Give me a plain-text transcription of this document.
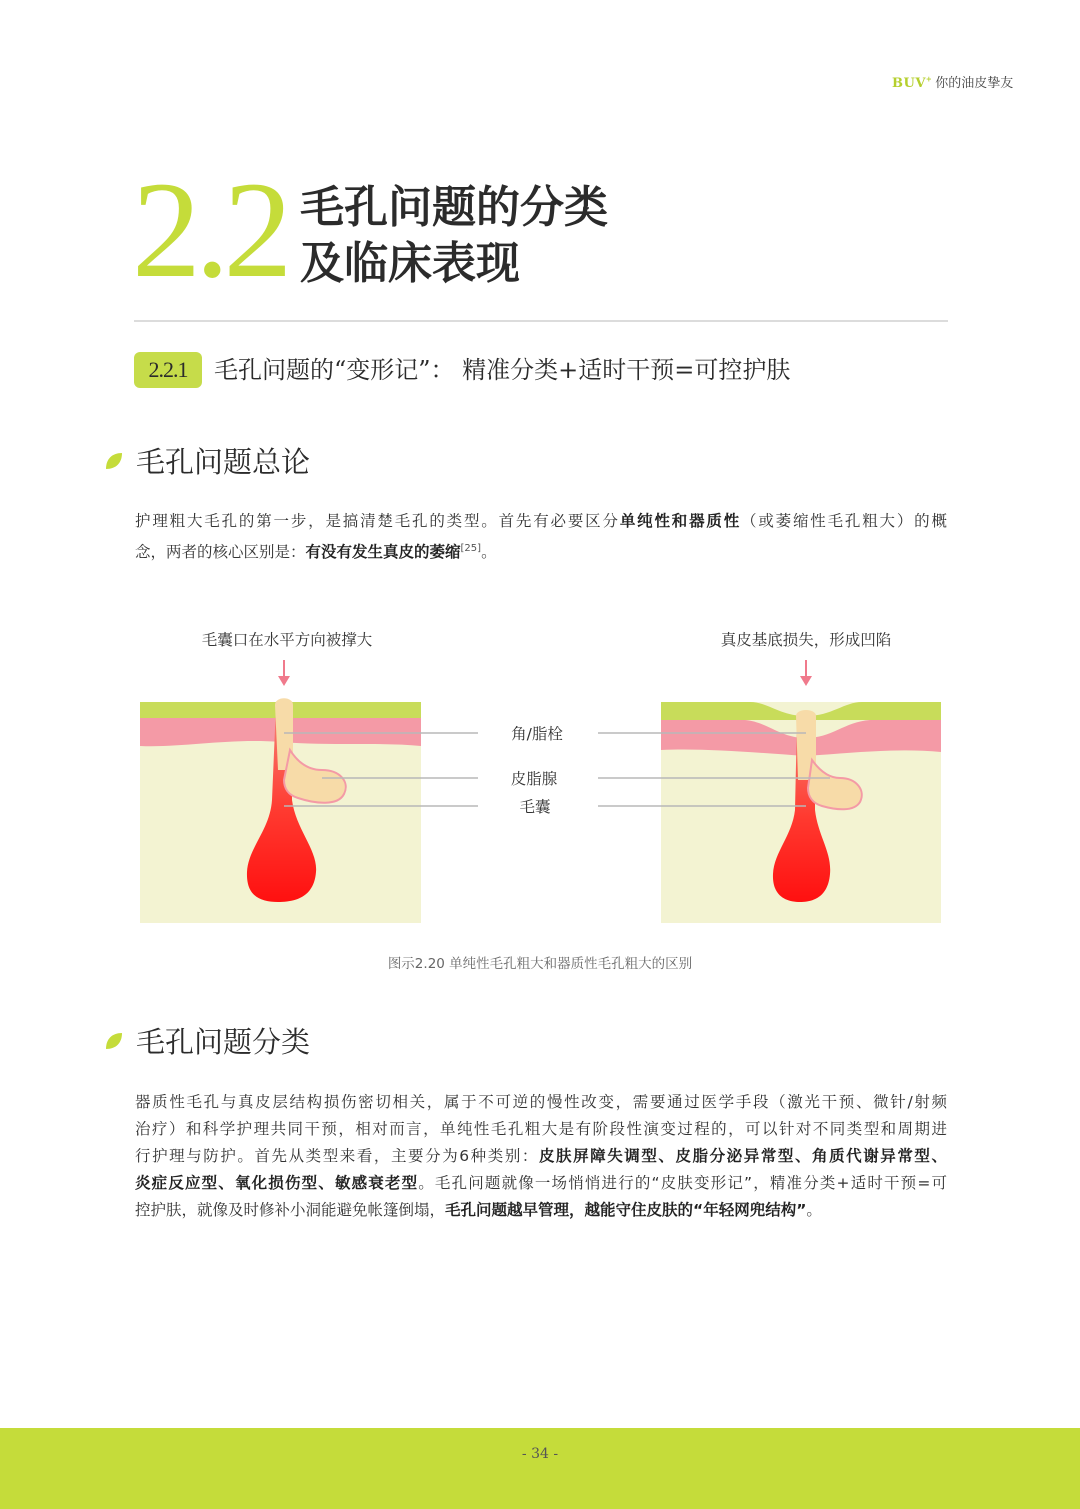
BUV+ 你的油皮挚友
2.2 毛孔问题的分类
及临床表现
2.2.1	毛孔问题的“变形记”： 精准分类+适时干预=可控护肤
毛孔问题总论
护理粗大毛孔的第一步，是搞清楚毛孔的类型。首先有必要区分单纯性和器质性（或萎缩性毛孔粗大）的概
念，两者的核心区别是：有没有发生真皮的萎缩[25]。
毛囊口在水平方向被撑大	真皮基底损失，形成凹陷
角/脂栓
皮脂腺
毛囊
图示2.20 单纯性毛孔粗大和器质性毛孔粗大的区别
毛孔问题分类
器质性毛孔与真皮层结构损伤密切相关，属于不可逆的慢性改变，需要通过医学手段（激光干预、微针/射频
治疗）和科学护理共同干预，相对而言，单纯性毛孔粗大是有阶段性演变过程的，可以针对不同类型和周期进
行护理与防护。首先从类型来看，主要分为6种类别：皮肤屏障失调型、皮脂分泌异常型、角质代谢异常型、
炎症反应型、氧化损伤型、敏感衰老型。毛孔问题就像一场悄悄进行的“皮肤变形记”，精准分类+适时干预=可
控护肤，就像及时修补小洞能避免帐篷倒塌，毛孔问题越早管理，越能守住皮肤的“年轻网兜结构”。
- 34 -
